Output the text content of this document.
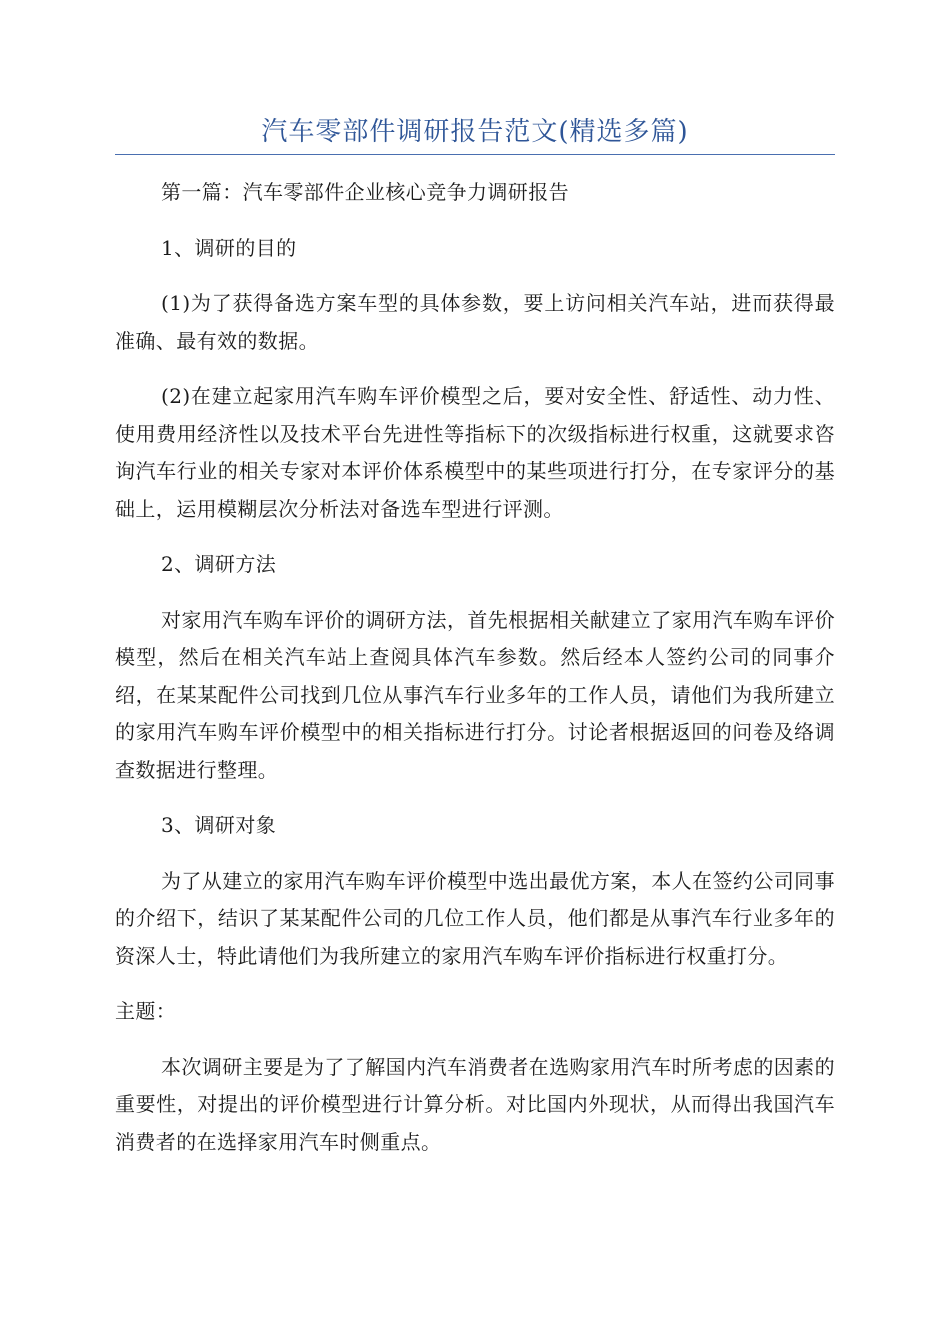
汽车零部件调研报告范文(精选多篇)

第一篇：汽车零部件企业核心竞争力调研报告

1、调研的目的

(1)为了获得备选方案车型的具体参数，要上访问相关汽车站，进而获得最准确、最有效的数据。

(2)在建立起家用汽车购车评价模型之后，要对安全性、舒适性、动力性、使用费用经济性以及技术平台先进性等指标下的次级指标进行权重，这就要求咨询汽车行业的相关专家对本评价体系模型中的某些项进行打分，在专家评分的基础上，运用模糊层次分析法对备选车型进行评测。

2、调研方法

对家用汽车购车评价的调研方法，首先根据相关献建立了家用汽车购车评价模型，然后在相关汽车站上查阅具体汽车参数。然后经本人签约公司的同事介绍，在某某配件公司找到几位从事汽车行业多年的工作人员，请他们为我所建立的家用汽车购车评价模型中的相关指标进行打分。讨论者根据返回的问卷及络调查数据进行整理。

3、调研对象

为了从建立的家用汽车购车评价模型中选出最优方案，本人在签约公司同事的介绍下，结识了某某配件公司的几位工作人员，他们都是从事汽车行业多年的资深人士，特此请他们为我所建立的家用汽车购车评价指标进行权重打分。

主题：

本次调研主要是为了了解国内汽车消费者在选购家用汽车时所考虑的因素的重要性，对提出的评价模型进行计算分析。对比国内外现状，从而得出我国汽车消费者的在选择家用汽车时侧重点。
